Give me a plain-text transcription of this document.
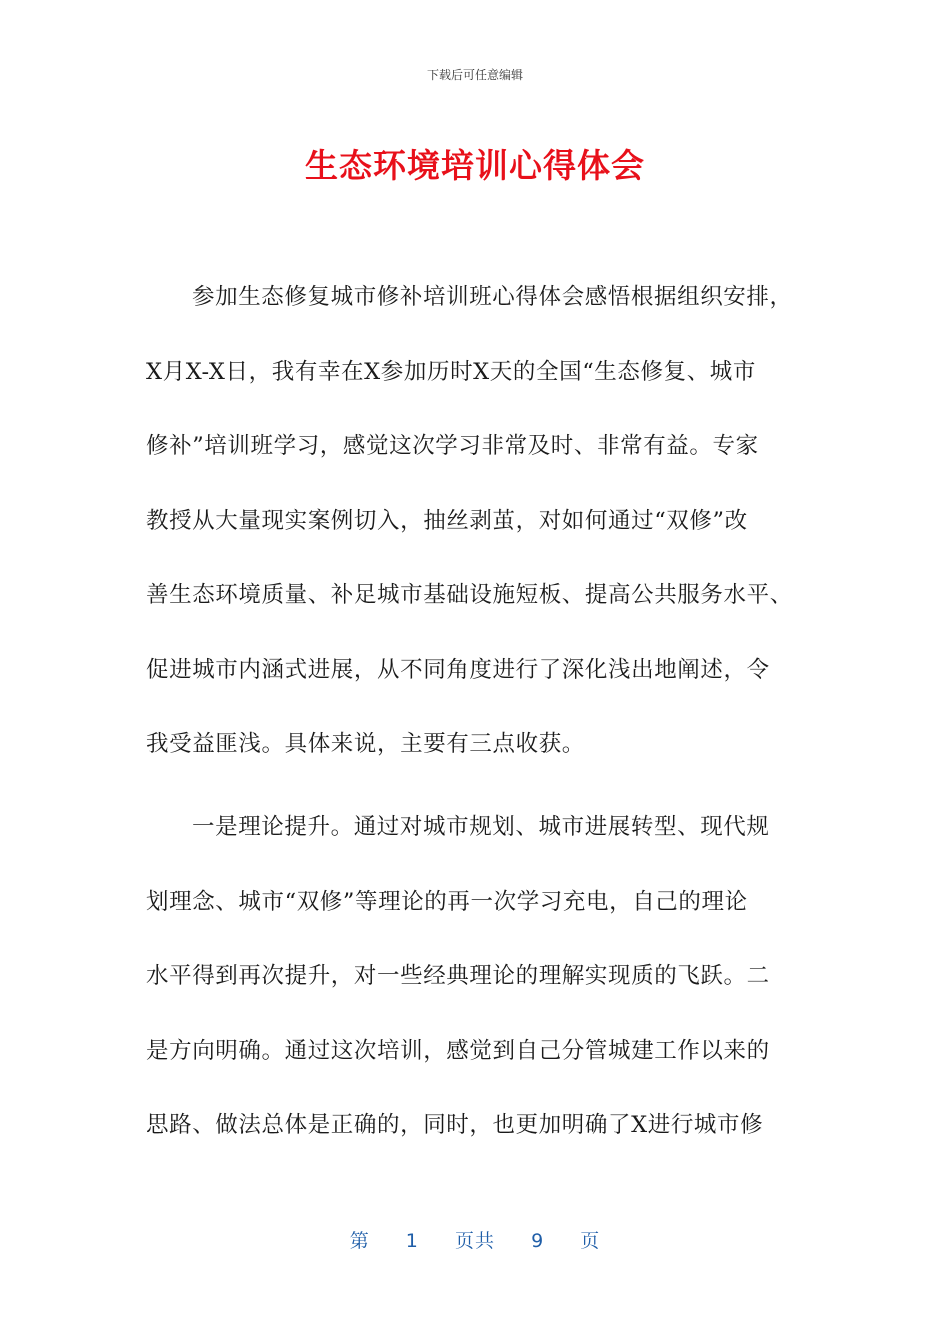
下载后可任意编辑
生态环境培训心得体会
参加生态修复城市修补培训班心得体会感悟根据组织安排，
X月X-X日，我有幸在X参加历时X天的全国“生态修复、城市
修补”培训班学习，感觉这次学习非常及时、非常有益。专家
教授从大量现实案例切入，抽丝剥茧，对如何通过“双修”改
善生态环境质量、补足城市基础设施短板、提高公共服务水平、
促进城市内涵式进展，从不同角度进行了深化浅出地阐述，令
我受益匪浅。具体来说，主要有三点收获。
一是理论提升。通过对城市规划、城市进展转型、现代规
划理念、城市“双修”等理论的再一次学习充电，自己的理论
水平得到再次提升，对一些经典理论的理解实现质的飞跃。二
是方向明确。通过这次培训，感觉到自己分管城建工作以来的
思路、做法总体是正确的，同时，也更加明确了X进行城市修
第 1 页共 9 页
